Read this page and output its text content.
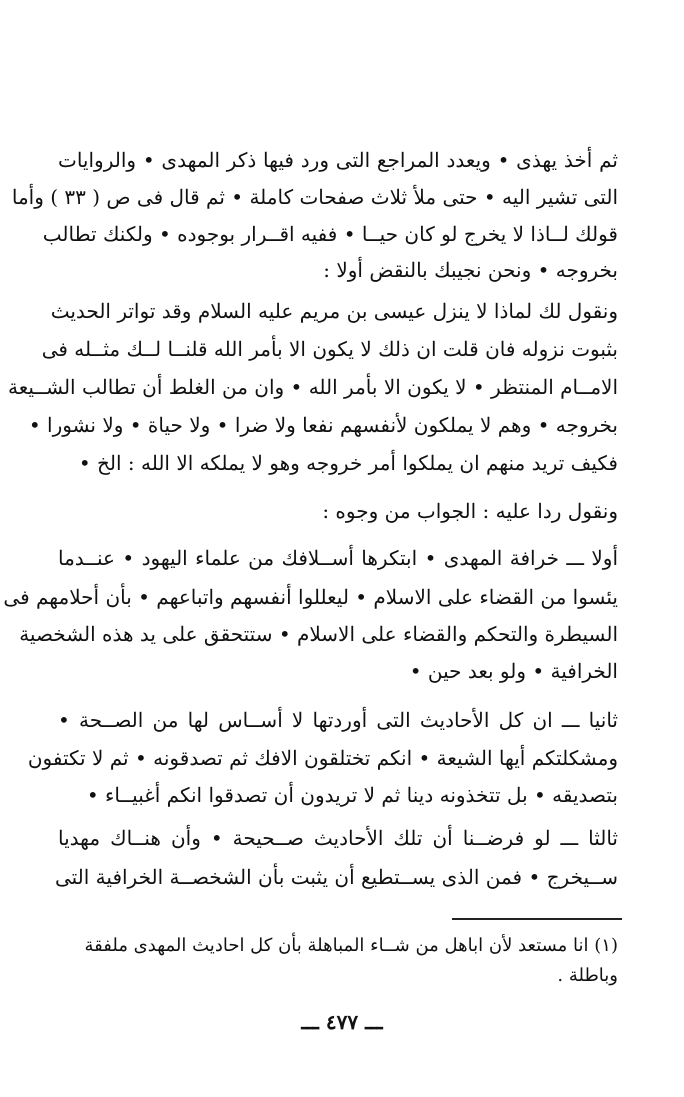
ثم أخذ يهذى • ويعدد المراجع التى ورد فيها ذكر المهدى • والروايات
التى تشير اليه • حتى ملأ ثلاث صفحات كاملة • ثم قال فى ص ( ٣٣ ) وأما
قولك لــاذا لا يخرج لو كان حيــا • ففيه اقــرار بوجوده • ولكنك تطالب
بخروجه • ونحن نجيبك بالنقض أولا :
ونقول لك لماذا لا ينزل عيسى بن مريم عليه السلام وقد تواتر الحديث
بثبوت نزوله فان قلت ان ذلك لا يكون الا بأمر الله قلنــا لــك مثــله فى
الامــام المنتظر • لا يكون الا بأمر الله • وان من الغلط أن تطالب الشــيعة
بخروجه • وهم لا يملكون لأنفسهم نفعا ولا ضرا • ولا حياة • ولا نشورا •
فكيف تريد منهم ان يملكوا أمر خروجه وهو لا يملكه الا الله : الخ •
ونقول ردا عليه : الجواب من وجوه :
أولا ـــ خرافة المهدى • ابتكرها أســلافك من علماء اليهود • عنــدما
يئسوا من القضاء على الاسلام • ليعللوا أنفسهم واتباعهم • بأن أحلامهم فى
السيطرة والتحكم والقضاء على الاسلام • ستتحقق على يد هذه الشخصية
الخرافية • ولو بعد حين •
ثانيا ـــ ان كل الأحاديث التى أوردتها لا أســاس لها من الصــحة •
ومشكلتكم أيها الشيعة • انكم تختلقون الافك ثم تصدقونه • ثم لا تكتفون
بتصديقه • بل تتخذونه دينا ثم لا تريدون أن تصدقوا انكم أغبيــاء •
ثالثا ـــ لو فرضــنا أن تلك الأحاديث صــحيحة • وأن هنــاك مهديا
ســيخرج • فمن الذى يســتطيع أن يثبت بأن الشخصــة الخرافية التى
(١) انا مستعد لأن اباهل من شــاء المباهلة بأن كل احاديث المهدى ملفقة
وباطلة .
ـــ ٤٧٧ ـــ
